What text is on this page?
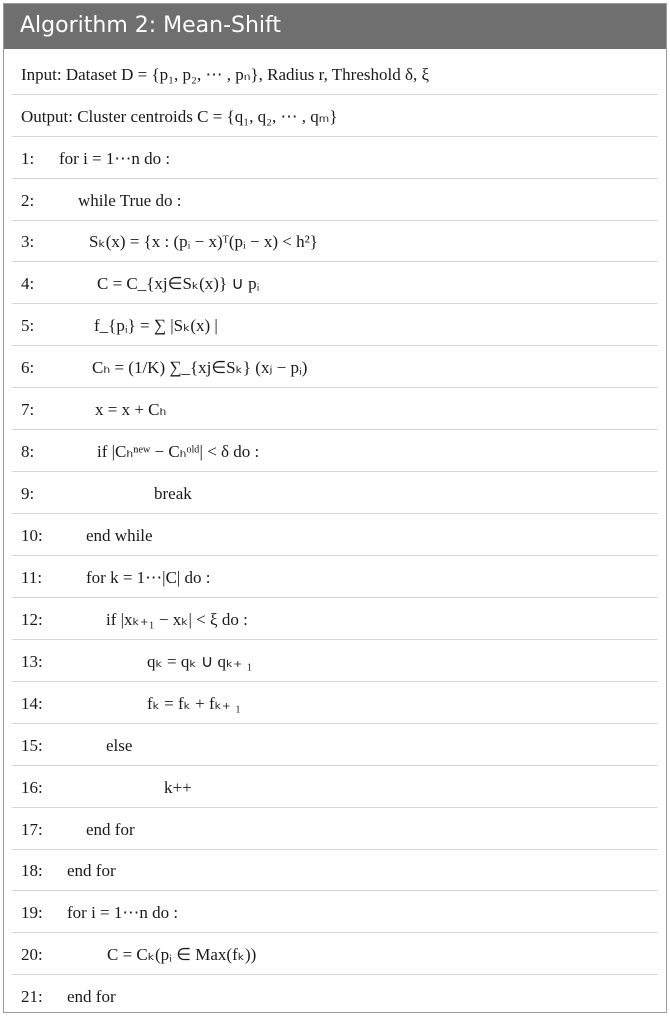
Algorithm 2: Mean-Shift
Input: Dataset D = {p₁, p₂, ⋯ , pₙ}, Radius r, Threshold δ, ξ
Output: Cluster centroids C = {q₁, q₂, ⋯ , qₘ}
1: for i = 1⋯n do :
2:	while True do :
3:	Sₖ(x) = {x : (pᵢ − x)ᵀ(pᵢ − x) < h²}
4:	C = C_{xj∈Sₖ(x)} ∪ pᵢ
5:	f_{pᵢ} = ∑ |Sₖ(x) |
6:	Cₕ = (1/K) ∑_{xj∈Sₖ} (xⱼ − pᵢ)
7:	x = x + Cₕ
8:	if |Cₕⁿᵉʷ − Cₕᵒˡᵈ| < δ do :
9:	break
10:	end while
11:	for k = 1⋯|C| do :
12:	if |xₖ₊₁ − xₖ| < ξ do :
13:	qₖ = qₖ ∪ qₖ₊ ₁
14:	fₖ = fₖ + fₖ₊ ₁
15:	else
16:	k++
17:	end for
18: end for
19: for i = 1⋯n do :
20:	C = Cₖ(pᵢ ∈ Max(fₖ))
21: end for
